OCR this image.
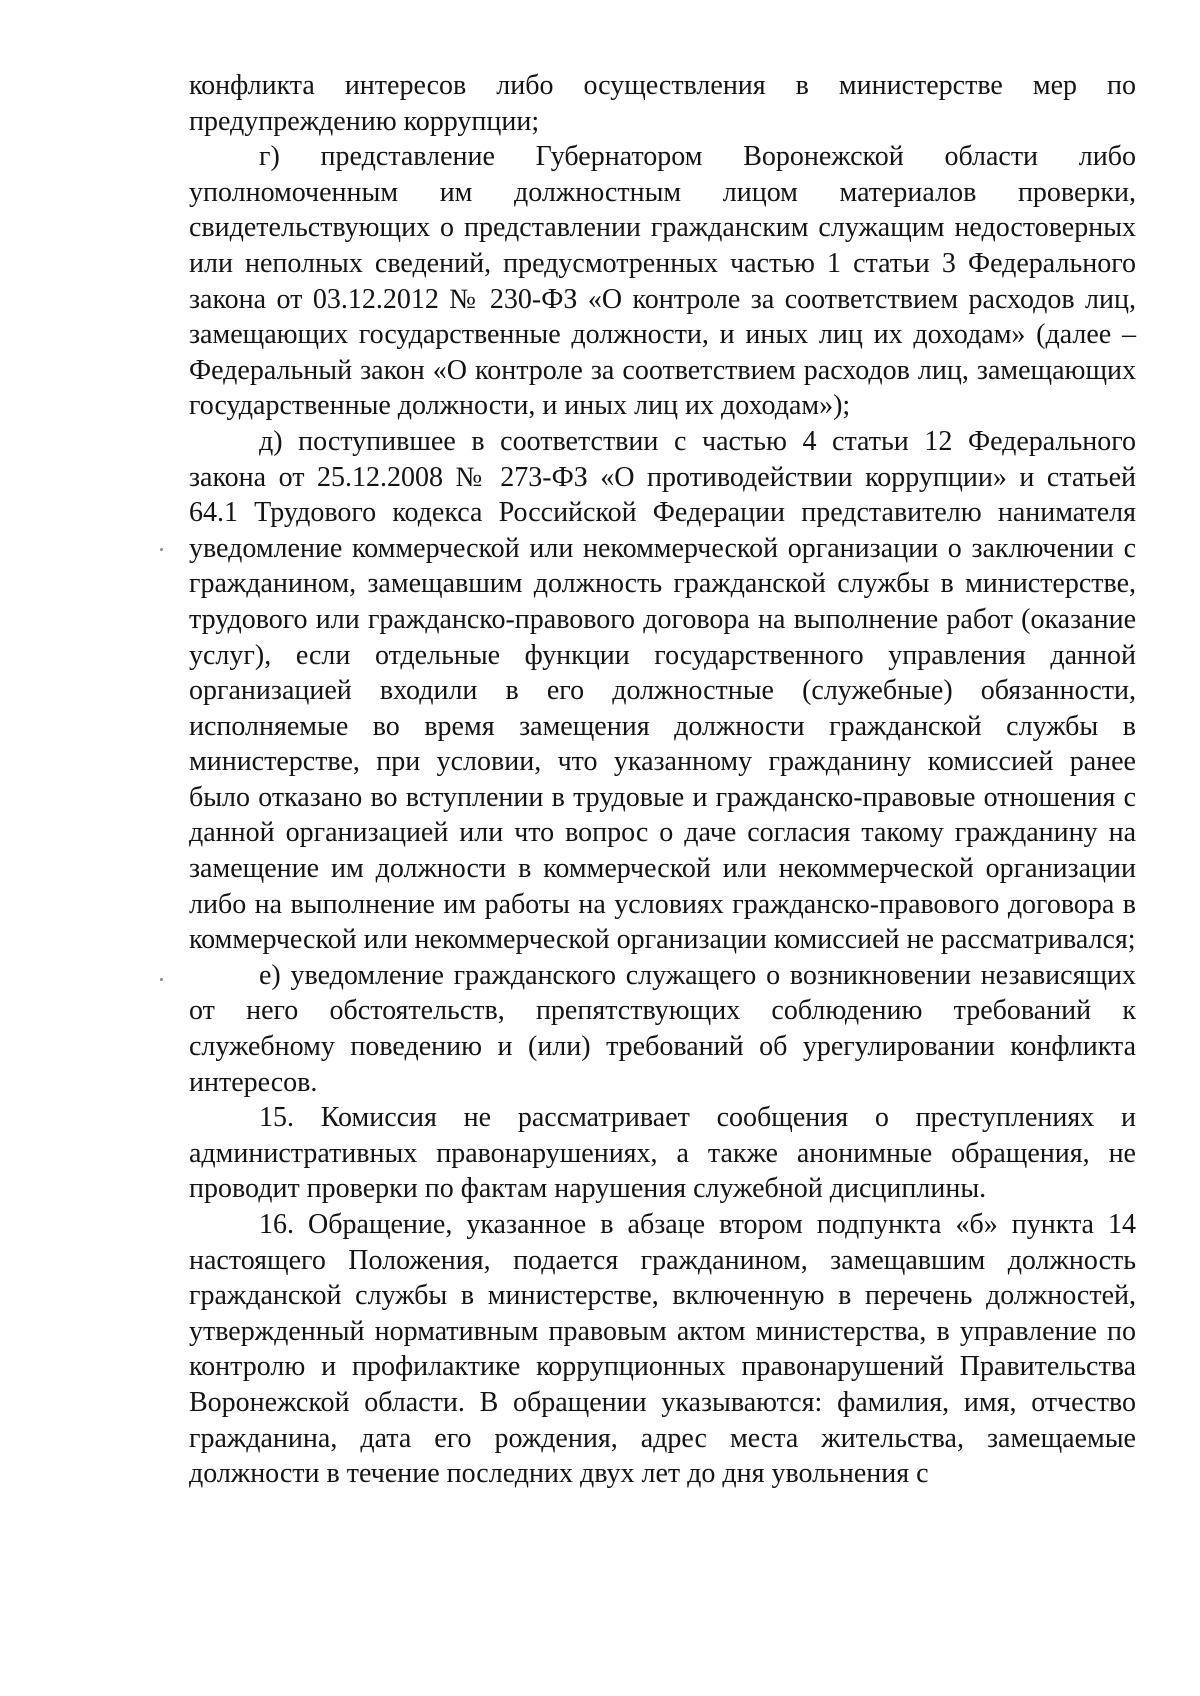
конфликта интересов либо осуществления в министерстве мер по предупреждению коррупции;

г) представление Губернатором Воронежской области либо уполномоченным им должностным лицом материалов проверки, свидетельствующих о представлении гражданским служащим недостоверных или неполных сведений, предусмотренных частью 1 статьи 3 Федерального закона от 03.12.2012 № 230-ФЗ «О контроле за соответствием расходов лиц, замещающих государственные должности, и иных лиц их доходам» (далее – Федеральный закон «О контроле за соответствием расходов лиц, замещающих государственные должности, и иных лиц их доходам»);

д) поступившее в соответствии с частью 4 статьи 12 Федерального закона от 25.12.2008 № 273-ФЗ «О противодействии коррупции» и статьей 64.1 Трудового кодекса Российской Федерации представителю нанимателя уведомление коммерческой или некоммерческой организации о заключении с гражданином, замещавшим должность гражданской службы в министерстве, трудового или гражданско-правового договора на выполнение работ (оказание услуг), если отдельные функции государственного управления данной организацией входили в его должностные (служебные) обязанности, исполняемые во время замещения должности гражданской службы в министерстве, при условии, что указанному гражданину комиссией ранее было отказано во вступлении в трудовые и гражданско-правовые отношения с данной организацией или что вопрос о даче согласия такому гражданину на замещение им должности в коммерческой или некоммерческой организации либо на выполнение им работы на условиях гражданско-правового договора в коммерческой или некоммерческой организации комиссией не рассматривался;

е) уведомление гражданского служащего о возникновении независящих от него обстоятельств, препятствующих соблюдению требований к служебному поведению и (или) требований об урегулировании конфликта интересов.

15. Комиссия не рассматривает сообщения о преступлениях и административных правонарушениях, а также анонимные обращения, не проводит проверки по фактам нарушения служебной дисциплины.

16. Обращение, указанное в абзаце втором подпункта «б» пункта 14 настоящего Положения, подается гражданином, замещавшим должность гражданской службы в министерстве, включенную в перечень должностей, утвержденный нормативным правовым актом министерства, в управление по контролю и профилактике коррупционных правонарушений Правительства Воронежской области. В обращении указываются: фамилия, имя, отчество гражданина, дата его рождения, адрес места жительства, замещаемые должности в течение последних двух лет до дня увольнения с
